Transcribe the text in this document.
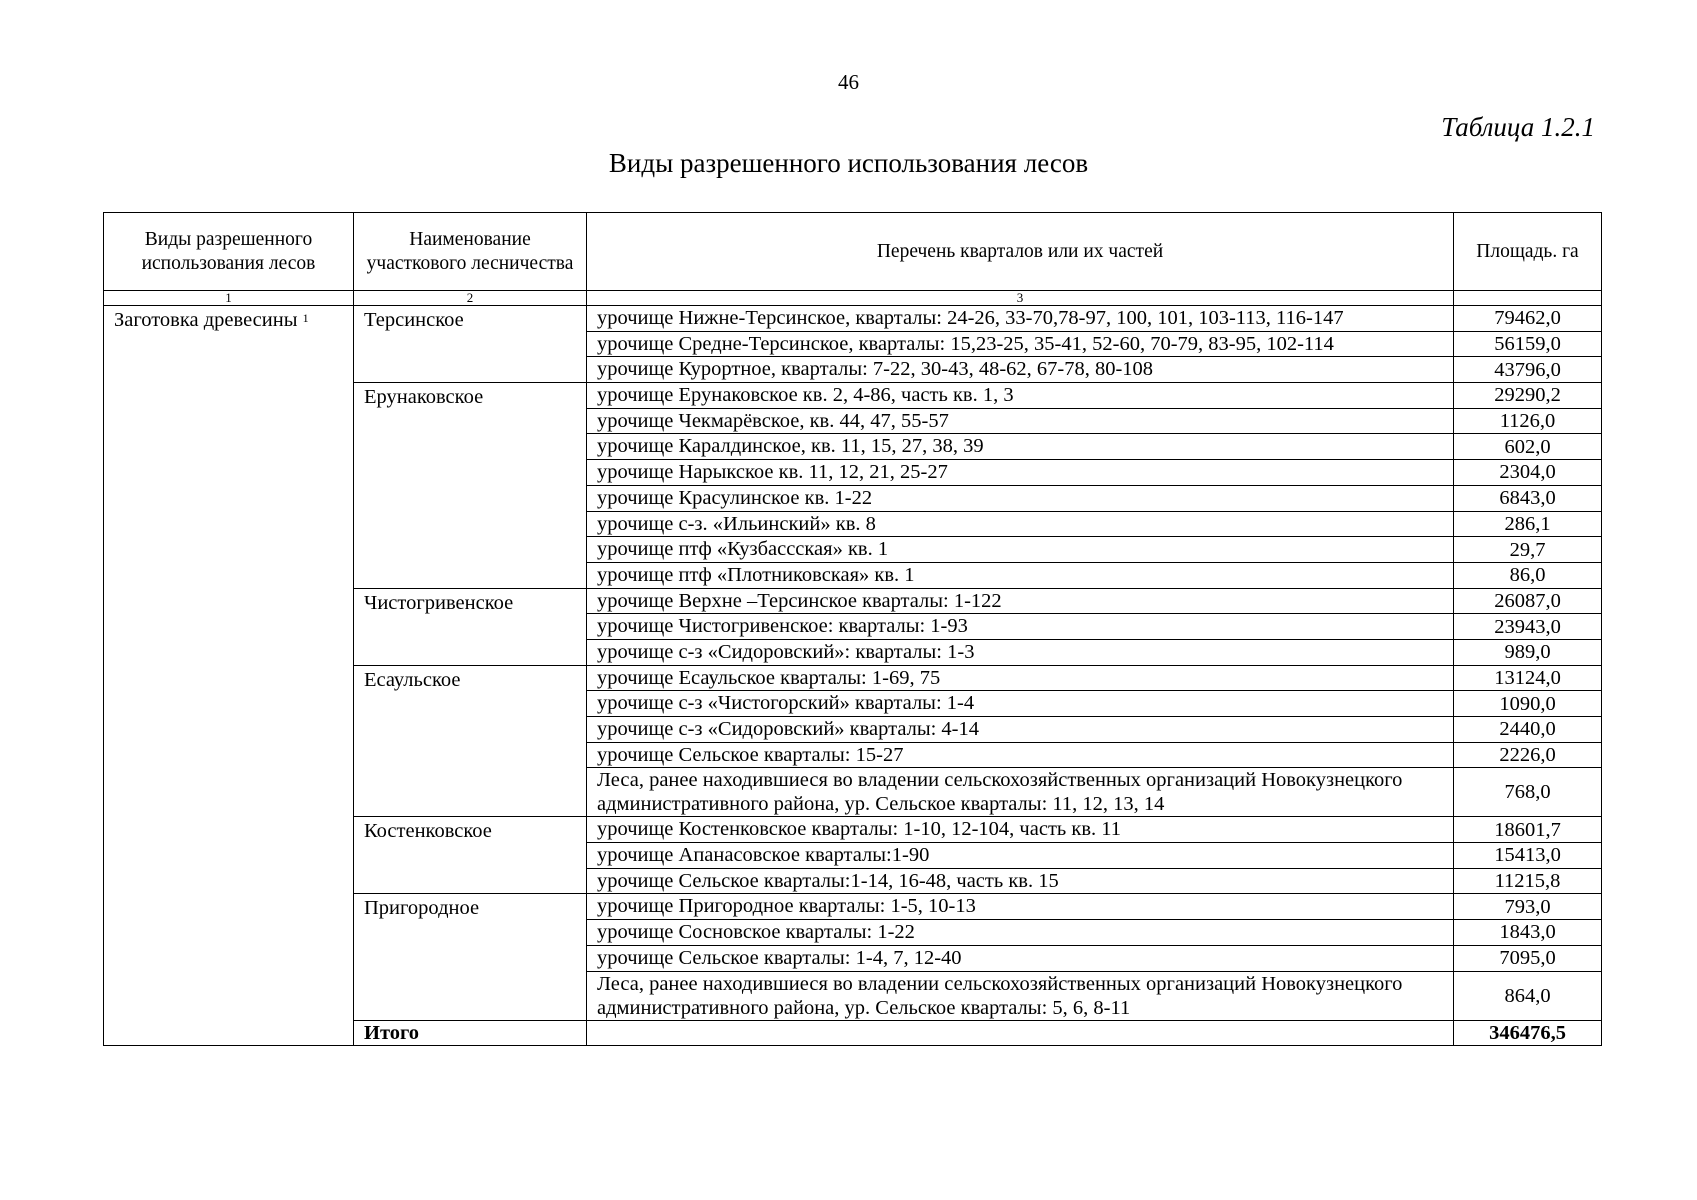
46
Таблица 1.2.1
Виды разрешенного использования лесов
Виды разрешенного использования лесов	Наименование участкового лесничества	Перечень кварталов или их частей	Площадь. га
1	2	3	
Заготовка древесины $^1$	Терсинское	урочище Нижне-Терсинское, кварталы: 24-26, 33-70,78-97, 100, 101, 103-113, 116-147	79462,0
		урочище Средне-Терсинское, кварталы: 15,23-25, 35-41, 52-60, 70-79, 83-95, 102-114	56159,0
		урочище Курортное, кварталы: 7-22, 30-43, 48-62, 67-78, 80-108	43796,0
	Ерунаковское	урочище Ерунаковское кв. 2, 4-86, часть кв. 1, 3	29290,2
		урочище Чекмарёвское, кв. 44, 47, 55-57	1126,0
		урочище Каралдинское, кв. 11, 15, 27, 38, 39	602,0
		урочище Нарыкское кв. 11, 12, 21, 25-27	2304,0
		урочище Красулинское кв. 1-22	6843,0
		урочище с-з. «Ильинский» кв. 8	286,1
		урочище птф «Кузбассская» кв. 1	29,7
		урочище птф «Плотниковская» кв. 1	86,0
	Чистогривенское	урочище Верхне –Терсинское кварталы: 1-122	26087,0
		урочище Чистогривенское: кварталы: 1-93	23943,0
		урочище с-з «Сидоровский»: кварталы: 1-3	989,0
	Есаульское	урочище Есаульское кварталы: 1-69, 75	13124,0
		урочище с-з «Чистогорский» кварталы: 1-4	1090,0
		урочище с-з «Сидоровский» кварталы: 4-14	2440,0
		урочище Сельское кварталы: 15-27	2226,0
		Леса, ранее находившиеся во владении сельскохозяйственных организаций Новокузнецкого административного района, ур. Сельское кварталы: 11, 12, 13, 14	768,0
	Костенковское	урочище Костенковское кварталы: 1-10, 12-104, часть кв. 11	18601,7
		урочище Апанасовское кварталы:1-90	15413,0
		урочище Сельское кварталы:1-14, 16-48, часть кв. 15	11215,8
	Пригородное	урочище Пригородное кварталы: 1-5, 10-13	793,0
		урочище Сосновское кварталы: 1-22	1843,0
		урочище Сельское кварталы: 1-4, 7, 12-40	7095,0
		Леса, ранее находившиеся во владении сельскохозяйственных организаций Новокузнецкого административного района, ур. Сельское кварталы: 5, 6, 8-11	864,0
	Итого		346476,5
